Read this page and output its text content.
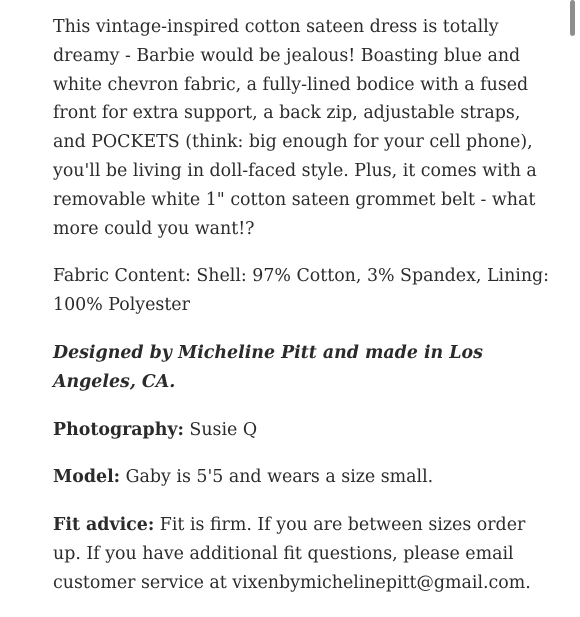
This vintage-inspired cotton sateen dress is totally dreamy - Barbie would be jealous! Boasting blue and white chevron fabric, a fully-lined bodice with a fused front for extra support, a back zip, adjustable straps, and POCKETS (think: big enough for your cell phone), you'll be living in doll-faced style. Plus, it comes with a removable white 1" cotton sateen grommet belt - what more could you want!?

Fabric Content: Shell: 97% Cotton, 3% Spandex, Lining: 100% Polyester

Designed by Micheline Pitt and made in Los Angeles, CA.

Photography: Susie Q

Model: Gaby is 5'5 and wears a size small.

Fit advice: Fit is firm. If you are between sizes order up. If you have additional fit questions, please email customer service at vixenbymichelinepitt@gmail.com.
